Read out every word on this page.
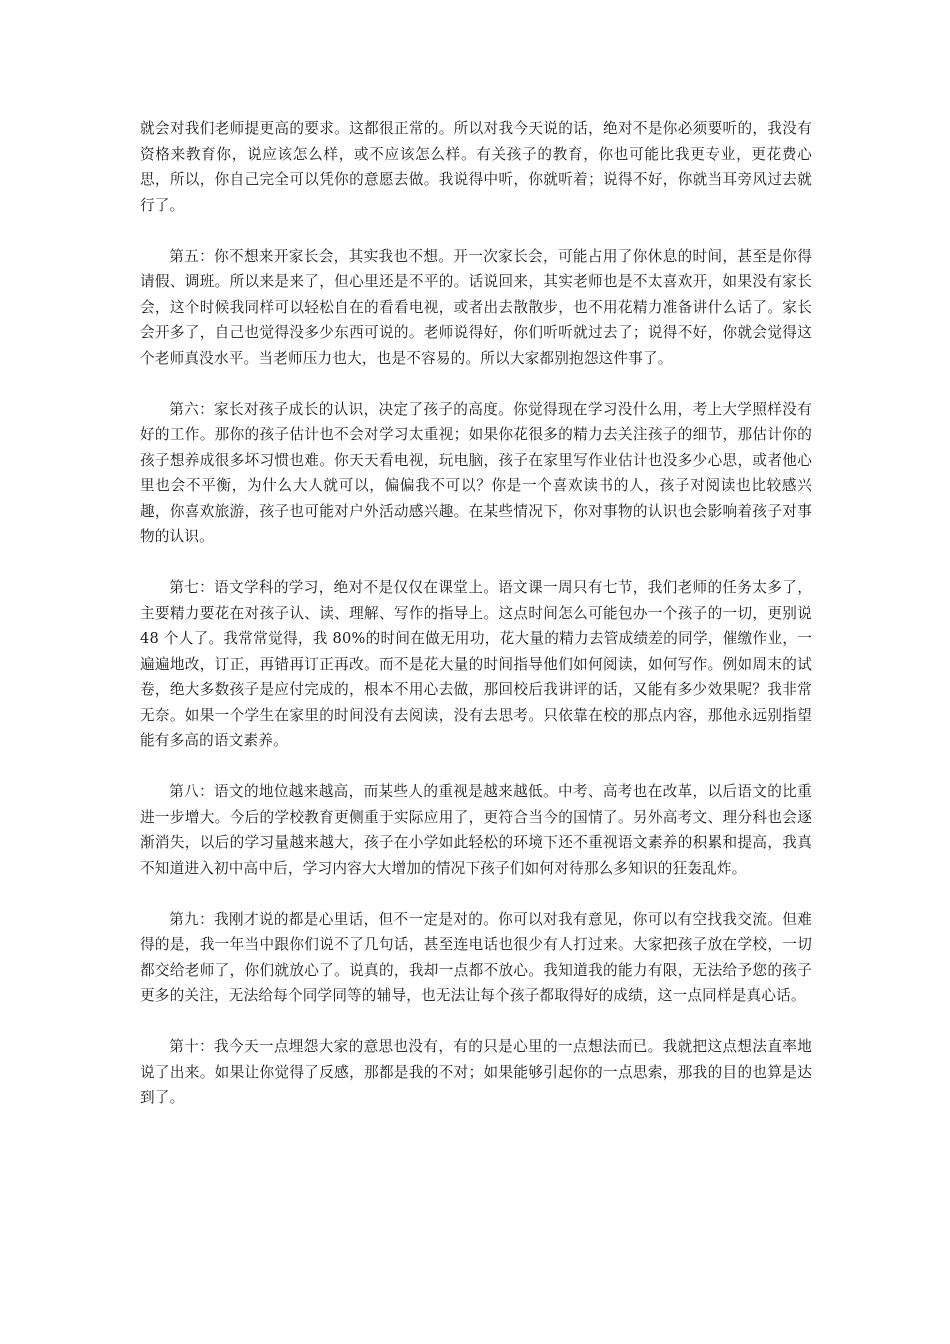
就会对我们老师提更高的要求。这都很正常的。所以对我今天说的话，绝对不是你必须要听的，我没有资格来教育你，说应该怎么样，或不应该怎么样。有关孩子的教育，你也可能比我更专业，更花费心思，所以，你自己完全可以凭你的意愿去做。我说得中听，你就听着；说得不好，你就当耳旁风过去就行了。

第五：你不想来开家长会，其实我也不想。开一次家长会，可能占用了你休息的时间，甚至是你得请假、调班。所以来是来了，但心里还是不平的。话说回来，其实老师也是不太喜欢开，如果没有家长会，这个时候我同样可以轻松自在的看看电视，或者出去散散步，也不用花精力准备讲什么话了。家长会开多了，自己也觉得没多少东西可说的。老师说得好，你们听听就过去了；说得不好，你就会觉得这个老师真没水平。当老师压力也大，也是不容易的。所以大家都别抱怨这件事了。

第六：家长对孩子成长的认识，决定了孩子的高度。你觉得现在学习没什么用，考上大学照样没有好的工作。那你的孩子估计也不会对学习太重视；如果你花很多的精力去关注孩子的细节，那估计你的孩子想养成很多坏习惯也难。你天天看电视，玩电脑，孩子在家里写作业估计也没多少心思，或者他心里也会不平衡，为什么大人就可以，偏偏我不可以？你是一个喜欢读书的人，孩子对阅读也比较感兴趣，你喜欢旅游，孩子也可能对户外活动感兴趣。在某些情况下，你对事物的认识也会影响着孩子对事物的认识。

第七：语文学科的学习，绝对不是仅仅在课堂上。语文课一周只有七节，我们老师的任务太多了，主要精力要花在对孩子认、读、理解、写作的指导上。这点时间怎么可能包办一个孩子的一切，更别说 48 个人了。我常常觉得，我 80%的时间在做无用功，花大量的精力去管成绩差的同学，催缴作业，一遍遍地改，订正，再错再订正再改。而不是花大量的时间指导他们如何阅读，如何写作。例如周末的试卷，绝大多数孩子是应付完成的，根本不用心去做，那回校后我讲评的话，又能有多少效果呢？我非常无奈。如果一个学生在家里的时间没有去阅读，没有去思考。只依靠在校的那点内容，那他永远别指望能有多高的语文素养。

第八：语文的地位越来越高，而某些人的重视是越来越低。中考、高考也在改革，以后语文的比重进一步增大。今后的学校教育更侧重于实际应用了，更符合当今的国情了。另外高考文、理分科也会逐渐消失，以后的学习量越来越大，孩子在小学如此轻松的环境下还不重视语文素养的积累和提高，我真不知道进入初中高中后，学习内容大大增加的情况下孩子们如何对待那么多知识的狂轰乱炸。

第九：我刚才说的都是心里话，但不一定是对的。你可以对我有意见，你可以有空找我交流。但难得的是，我一年当中跟你们说不了几句话，甚至连电话也很少有人打过来。大家把孩子放在学校，一切都交给老师了，你们就放心了。说真的，我却一点都不放心。我知道我的能力有限，无法给予您的孩子更多的关注，无法给每个同学同等的辅导，也无法让每个孩子都取得好的成绩，这一点同样是真心话。

第十：我今天一点埋怨大家的意思也没有，有的只是心里的一点想法而已。我就把这点想法直率地说了出来。如果让你觉得了反感，那都是我的不对；如果能够引起你的一点思索，那我的目的也算是达到了。
